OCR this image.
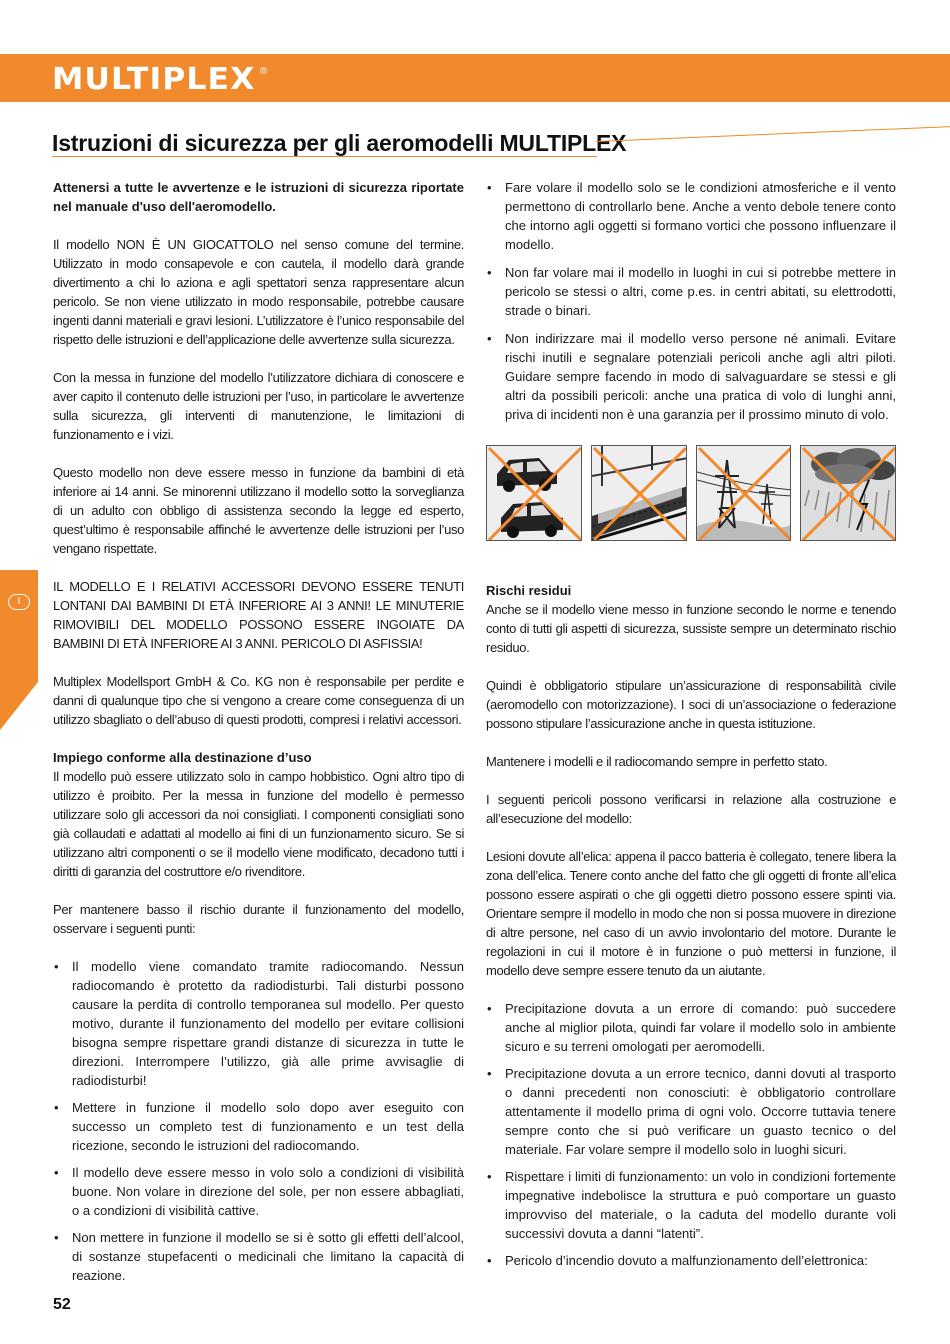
MULTIPLEX ®
Istruzioni di sicurezza per gli aeromodelli MULTIPLEX
I

Attenersi a tutte le avvertenze e le istruzioni di sicurezza riportate nel manuale d'uso dell'aeromodello.

Il modello NON È UN GIOCATTOLO nel senso comune del termine. Utilizzato in modo consapevole e con cautela, il modello darà grande divertimento a chi lo aziona e agli spettatori senza rappresentare alcun pericolo. Se non viene utilizzato in modo responsabile, potrebbe causare ingenti danni materiali e gravi lesioni. L’utilizzatore è l’unico responsabile del rispetto delle istruzioni e dell’applicazione delle avvertenze sulla sicurezza.

Con la messa in funzione del modello l’utilizzatore dichiara di conoscere e aver capito il contenuto delle istruzioni per l’uso, in particolare le avvertenze sulla sicurezza, gli interventi di manutenzione, le limitazioni di funzionamento e i vizi.

Questo modello non deve essere messo in funzione da bambini di età inferiore ai 14 anni. Se minorenni utilizzano il modello sotto la sorveglianza di un adulto con obbligo di assistenza secondo la legge ed esperto, quest’ultimo è responsabile affinché le avvertenze delle istruzioni per l’uso vengano rispettate.

IL MODELLO E I RELATIVI ACCESSORI DEVONO ESSERE TENUTI LONTANI DAI BAMBINI DI ETÀ INFERIORE AI 3 ANNI! LE MINUTERIE RIMOVIBILI DEL MODELLO POSSONO ESSERE INGOIATE DA BAMBINI DI ETÀ INFERIORE AI 3 ANNI. PERICOLO DI ASFISSIA!

Multiplex Modellsport GmbH & Co. KG non è responsabile per perdite e danni di qualunque tipo che si vengono a creare come conseguenza di un utilizzo sbagliato o dell’abuso di questi prodotti, compresi i relativi accessori.

Impiego conforme alla destinazione d’uso

Il modello può essere utilizzato solo in campo hobbistico. Ogni altro tipo di utilizzo è proibito. Per la messa in funzione del modello è permesso utilizzare solo gli accessori da noi consigliati. I componenti consigliati sono già collaudati e adattati al modello ai fini di un funzionamento sicuro. Se si utilizzano altri componenti o se il modello viene modificato, decadono tutti i diritti di garanzia del costruttore e/o rivenditore.

Per mantenere basso il rischio durante il funzionamento del modello, osservare i seguenti punti:

• Il modello viene comandato tramite radiocomando. Nessun radiocomando è protetto da radiodisturbi. Tali disturbi possono causare la perdita di controllo temporanea sul modello. Per questo motivo, durante il funzionamento del modello per evitare collisioni bisogna sempre rispettare grandi distanze di sicurezza in tutte le direzioni. Interrompere l’utilizzo, già alle prime avvisaglie di radiodisturbi!
• Mettere in funzione il modello solo dopo aver eseguito con successo un completo test di funzionamento e un test della ricezione, secondo le istruzioni del radiocomando.
• Il modello deve essere messo in volo solo a condizioni di visibilità buone. Non volare in direzione del sole, per non essere abbagliati, o a condizioni di visibilità cattive.
• Non mettere in funzione il modello se si è sotto gli effetti dell’alcool, di sostanze stupefacenti o medicinali che limitano la capacità di reazione.
• Fare volare il modello solo se le condizioni atmosferiche e il vento permettono di controllarlo bene. Anche a vento debole tenere conto che intorno agli oggetti si formano vortici che possono influenzare il modello.
• Non far volare mai il modello in luoghi in cui si potrebbe mettere in pericolo se stessi o altri, come p.es. in centri abitati, su elettrodotti, strade o binari.
• Non indirizzare mai il modello verso persone né animali. Evitare rischi inutili e segnalare potenziali pericoli anche agli altri piloti. Guidare sempre facendo in modo di salvaguardare se stessi e gli altri da possibili pericoli: anche una pratica di volo di lunghi anni, priva di incidenti non è una garanzia per il prossimo minuto di volo.
Rischi residui

Anche se il modello viene messo in funzione secondo le norme e tenendo conto di tutti gli aspetti di sicurezza, sussiste sempre un determinato rischio residuo.

Quindi è obbligatorio stipulare un’assicurazione di responsabilità civile (aeromodello con motorizzazione). I soci di un’associazione o federazione possono stipulare l’assicurazione anche in questa istituzione.

Mantenere i modelli e il radiocomando sempre in perfetto stato.

I seguenti pericoli possono verificarsi in relazione alla costruzione e all’esecuzione del modello:

Lesioni dovute all’elica: appena il pacco batteria è collegato, tenere libera la zona dell’elica. Tenere conto anche del fatto che gli oggetti di fronte all’elica possono essere aspirati o che gli oggetti dietro possono essere spinti via. Orientare sempre il modello in modo che non si possa muovere in direzione di altre persone, nel caso di un avvio involontario del motore. Durante le regolazioni in cui il motore è in funzione o può mettersi in funzione, il modello deve sempre essere tenuto da un aiutante.

• Precipitazione dovuta a un errore di comando: può succedere anche al miglior pilota, quindi far volare il modello solo in ambiente sicuro e su terreni omologati per aeromodelli.
• Precipitazione dovuta a un errore tecnico, danni dovuti al trasporto o danni precedenti non conosciuti: è obbligatorio controllare attentamente il modello prima di ogni volo. Occorre tuttavia tenere sempre conto che si può verificare un guasto tecnico o del materiale. Far volare sempre il modello solo in luoghi sicuri.
• Rispettare i limiti di funzionamento: un volo in condizioni fortemente impegnative indebolisce la struttura e può comportare un guasto improvviso del materiale, o la caduta del modello durante voli successivi dovuta a danni “latenti”.
• Pericolo d’incendio dovuto a malfunzionamento dell’elettronica:
52
